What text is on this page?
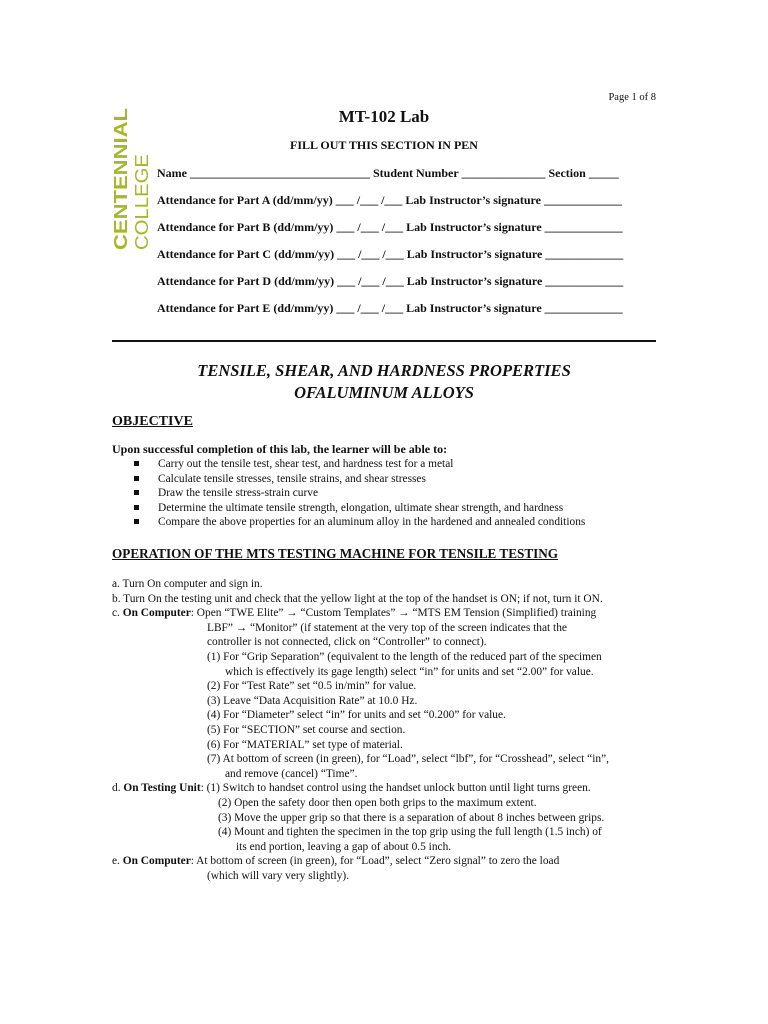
Page 1 of 8
CENTENNIAL COLLEGE
MT-102 Lab
FILL OUT THIS SECTION IN PEN
Name ______________________________ Student Number ______________ Section _____
Attendance for Part A (dd/mm/yy) ___ /___ /___ Lab Instructor’s signature _____________
Attendance for Part B (dd/mm/yy) ___ /___ /___ Lab Instructor’s signature _____________
Attendance for Part C (dd/mm/yy) ___ /___ /___ Lab Instructor’s signature _____________
Attendance for Part D (dd/mm/yy) ___ /___ /___ Lab Instructor’s signature _____________
Attendance for Part E (dd/mm/yy) ___ /___ /___ Lab Instructor’s signature _____________
TENSILE, SHEAR, AND HARDNESS PROPERTIES
OFALUMINUM ALLOYS
OBJECTIVE
Upon successful completion of this lab, the learner will be able to:
Carry out the tensile test, shear test, and hardness test for a metal
Calculate tensile stresses, tensile strains, and shear stresses
Draw the tensile stress-strain curve
Determine the ultimate tensile strength, elongation, ultimate shear strength, and hardness
Compare the above properties for an aluminum alloy in the hardened and annealed conditions
OPERATION OF THE MTS TESTING MACHINE FOR TENSILE TESTING
a. Turn On computer and sign in.
b. Turn On the testing unit and check that the yellow light at the top of the handset is ON; if not, turn it ON.
c. On Computer: Open “TWE Elite” → “Custom Templates” → “MTS EM Tension (Simplified) training
LBF” → “Monitor” (if statement at the very top of the screen indicates that the
controller is not connected, click on “Controller” to connect).
(1) For “Grip Separation” (equivalent to the length of the reduced part of the specimen
which is effectively its gage length) select “in” for units and set “2.00” for value.
(2) For “Test Rate” set “0.5 in/min” for value.
(3) Leave “Data Acquisition Rate” at 10.0 Hz.
(4) For “Diameter” select “in” for units and set “0.200” for value.
(5) For “SECTION” set course and section.
(6) For “MATERIAL” set type of material.
(7) At bottom of screen (in green), for “Load”, select “lbf”, for “Crosshead”, select “in”,
and remove (cancel) “Time”.
d. On Testing Unit: (1) Switch to handset control using the handset unlock button until light turns green.
(2) Open the safety door then open both grips to the maximum extent.
(3) Move the upper grip so that there is a separation of about 8 inches between grips.
(4) Mount and tighten the specimen in the top grip using the full length (1.5 inch) of
its end portion, leaving a gap of about 0.5 inch.
e. On Computer: At bottom of screen (in green), for “Load”, select “Zero signal” to zero the load
(which will vary very slightly).
